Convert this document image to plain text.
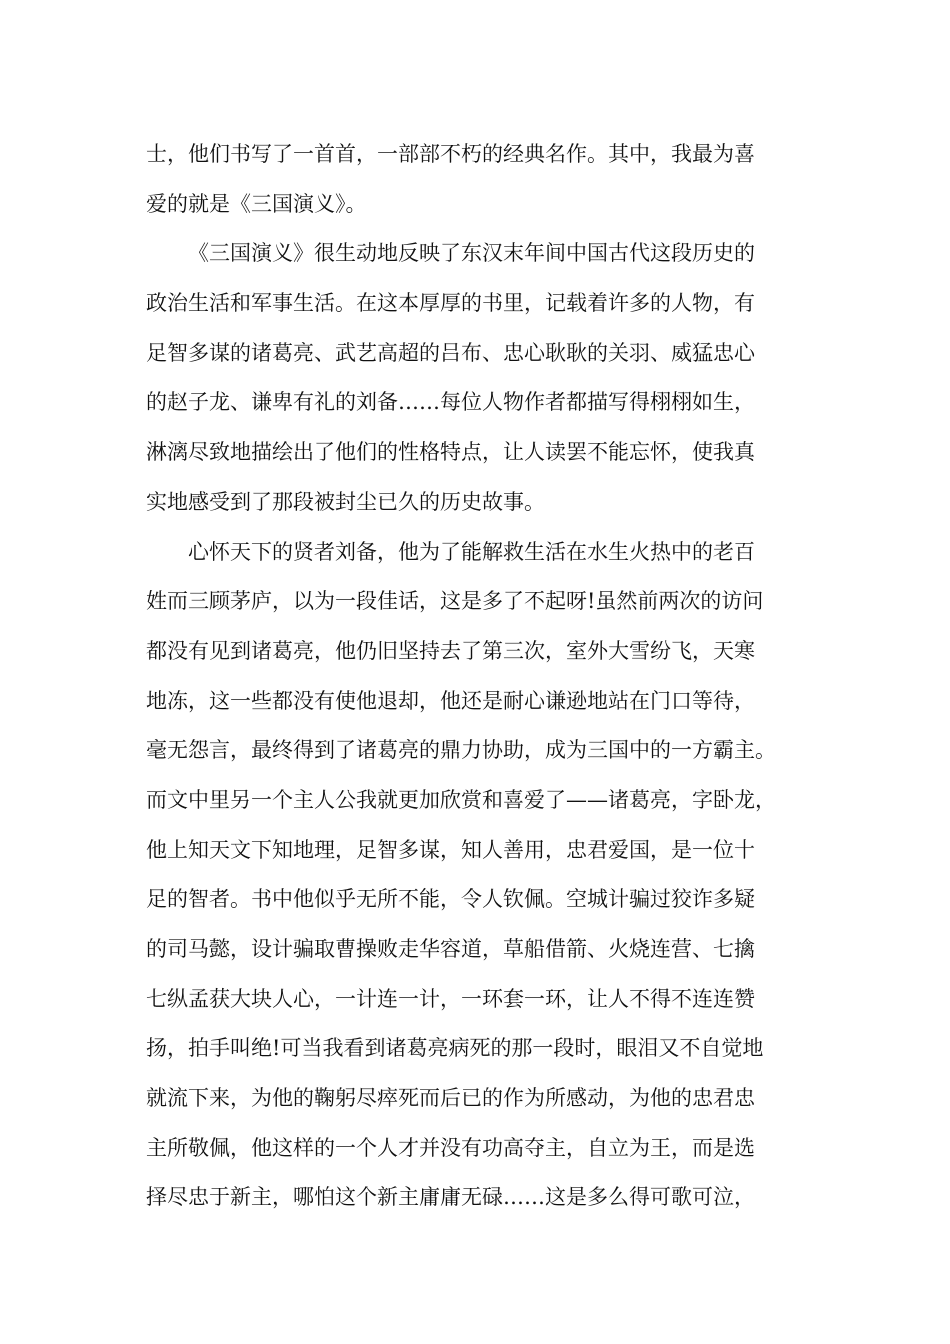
士，他们书写了一首首，一部部不朽的经典名作。其中，我最为喜
爱的就是《三国演义》。
《三国演义》很生动地反映了东汉末年间中国古代这段历史的
政治生活和军事生活。在这本厚厚的书里，记载着许多的人物，有
足智多谋的诸葛亮、武艺高超的吕布、忠心耿耿的关羽、威猛忠心
的赵子龙、谦卑有礼的刘备……每位人物作者都描写得栩栩如生，
淋漓尽致地描绘出了他们的性格特点，让人读罢不能忘怀，使我真
实地感受到了那段被封尘已久的历史故事。
心怀天下的贤者刘备，他为了能解救生活在水生火热中的老百
姓而三顾茅庐，以为一段佳话，这是多了不起呀!虽然前两次的访问
都没有见到诸葛亮，他仍旧坚持去了第三次，室外大雪纷飞，天寒
地冻，这一些都没有使他退却，他还是耐心谦逊地站在门口等待，
毫无怨言，最终得到了诸葛亮的鼎力协助，成为三国中的一方霸主。
而文中里另一个主人公我就更加欣赏和喜爱了——诸葛亮，字卧龙，
他上知天文下知地理，足智多谋，知人善用，忠君爱国，是一位十
足的智者。书中他似乎无所不能，令人钦佩。空城计骗过狡诈多疑
的司马懿，设计骗取曹操败走华容道，草船借箭、火烧连营、七擒
七纵孟获大块人心，一计连一计，一环套一环，让人不得不连连赞
扬，拍手叫绝!可当我看到诸葛亮病死的那一段时，眼泪又不自觉地
就流下来，为他的鞠躬尽瘁死而后已的作为所感动，为他的忠君忠
主所敬佩，他这样的一个人才并没有功高夺主，自立为王，而是选
择尽忠于新主，哪怕这个新主庸庸无碌……这是多么得可歌可泣，
